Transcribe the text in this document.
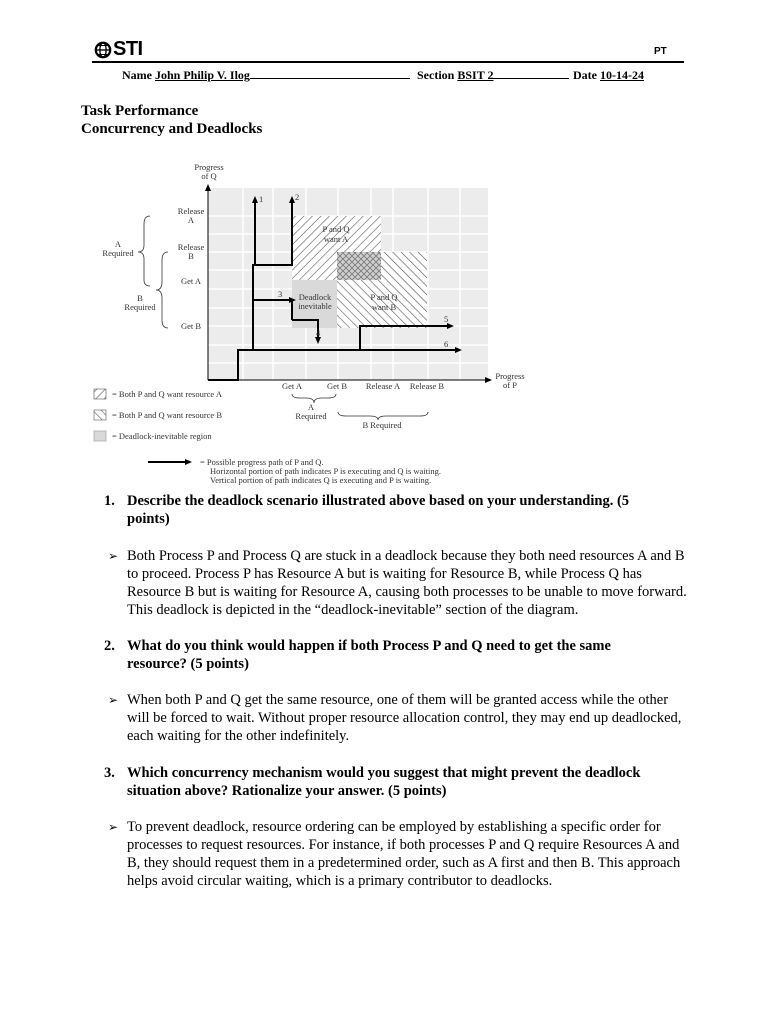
STI	PT
Name John Philip V. Ilog	Section BSIT 2	Date 10-14-24
Task Performance
Concurrency and Deadlocks
1	2
3
4
5
6
P and Q
want A
P and Q
want B
Deadlock
inevitable
Progress
of Q
Release
A
Release
B
Get A
Get B
A
Required
B
Required
Get A	Get B Release A Release B
Progress
of P
A
Required
B Required
= Both P and Q want resource A
= Both P and Q want resource B
= Deadlock-inevitable region
= Possible progress path of P and Q.
Horizontal portion of path indicates P is executing and Q is waiting.
Vertical portion of path indicates Q is executing and P is waiting.
1. Describe the deadlock scenario illustrated above based on your understanding. (5 points)
➢ Both Process P and Process Q are stuck in a deadlock because they both need resources A and B to proceed. Process P has Resource A but is waiting for Resource B, while Process Q has Resource B but is waiting for Resource A, causing both processes to be unable to move forward. This deadlock is depicted in the “deadlock-inevitable” section of the diagram.
2. What do you think would happen if both Process P and Q need to get the same resource? (5 points)
➢ When both P and Q get the same resource, one of them will be granted access while the other will be forced to wait. Without proper resource allocation control, they may end up deadlocked, each waiting for the other indefinitely.
3. Which concurrency mechanism would you suggest that might prevent the deadlock situation above? Rationalize your answer. (5 points)
➢ To prevent deadlock, resource ordering can be employed by establishing a specific order for processes to request resources. For instance, if both processes P and Q require Resources A and B, they should request them in a predetermined order, such as A first and then B. This approach helps avoid circular waiting, which is a primary contributor to deadlocks.
